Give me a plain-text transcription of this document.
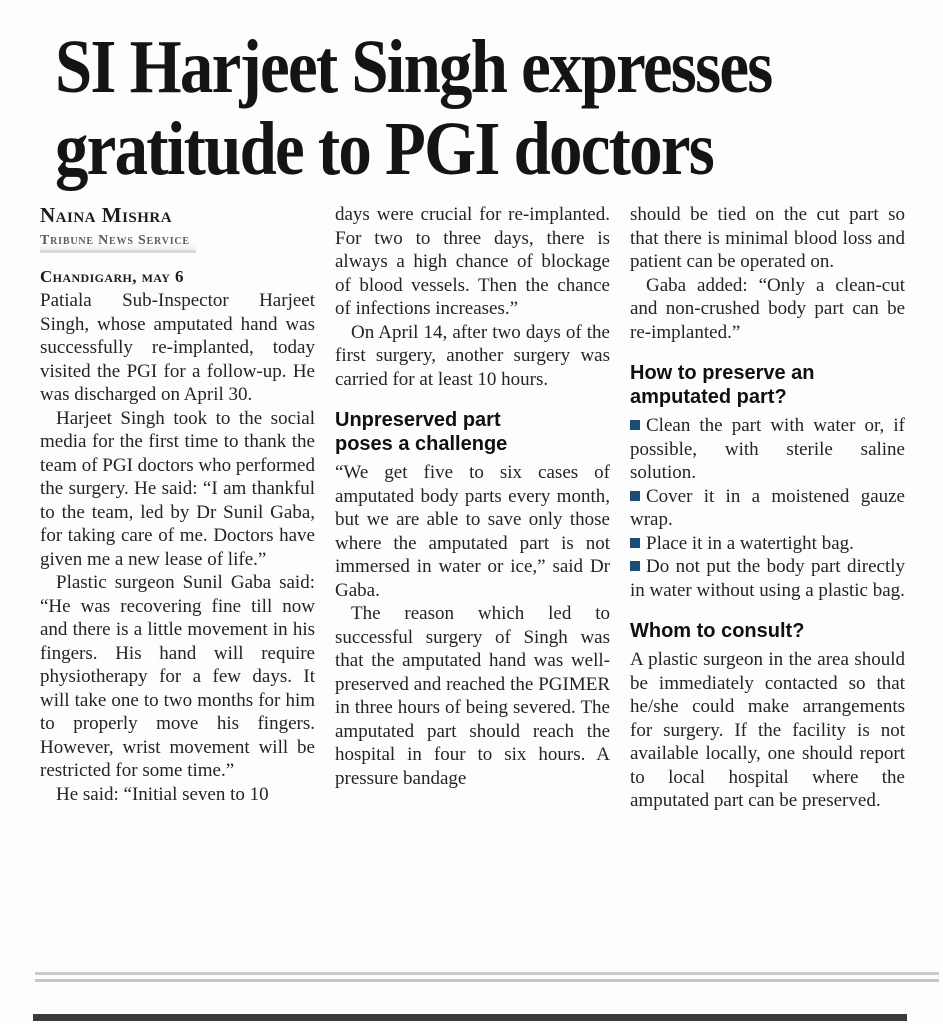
SI Harjeet Singh expresses
gratitude to PGI doctors
Naina Mishra
Tribune News Service
Chandigarh, may 6

Patiala Sub-Inspector Harjeet Singh, whose amputated hand was successfully re-implanted, today visited the PGI for a follow-up. He was discharged on April 30.

Harjeet Singh took to the social media for the first time to thank the team of PGI doctors who performed the surgery. He said: “I am thankful to the team, led by Dr Sunil Gaba, for taking care of me. Doctors have given me a new lease of life.”

Plastic surgeon Sunil Gaba said: “He was recovering fine till now and there is a little movement in his fingers. His hand will require physiotherapy for a few days. It will take one to two months for him to properly move his fingers. However, wrist movement will be restricted for some time.”

He said: “Initial seven to 10

days were crucial for re-implanted. For two to three days, there is always a high chance of blockage of blood vessels. Then the chance of infections increases.”

On April 14, after two days of the first surgery, another surgery was carried for at least 10 hours.

Unpreserved part poses a challenge

“We get five to six cases of amputated body parts every month, but we are able to save only those where the amputated part is not immersed in water or ice,” said Dr Gaba.

The reason which led to successful surgery of Singh was that the amputated hand was well-preserved and reached the PGIMER in three hours of being severed. The amputated part should reach the hospital in four to six hours. A pressure bandage

should be tied on the cut part so that there is minimal blood loss and patient can be operated on.

Gaba added: “Only a clean-cut and non-crushed body part can be re-implanted.”

How to preserve an amputated part?

Clean the part with water or, if possible, with sterile saline solution.

Cover it in a moistened gauze wrap.

Place it in a watertight bag.

Do not put the body part directly in water without using a plastic bag.

Whom to consult?

A plastic surgeon in the area should be immediately contacted so that he/she could make arrangements for surgery. If the facility is not available locally, one should report to local hospital where the amputated part can be preserved.
